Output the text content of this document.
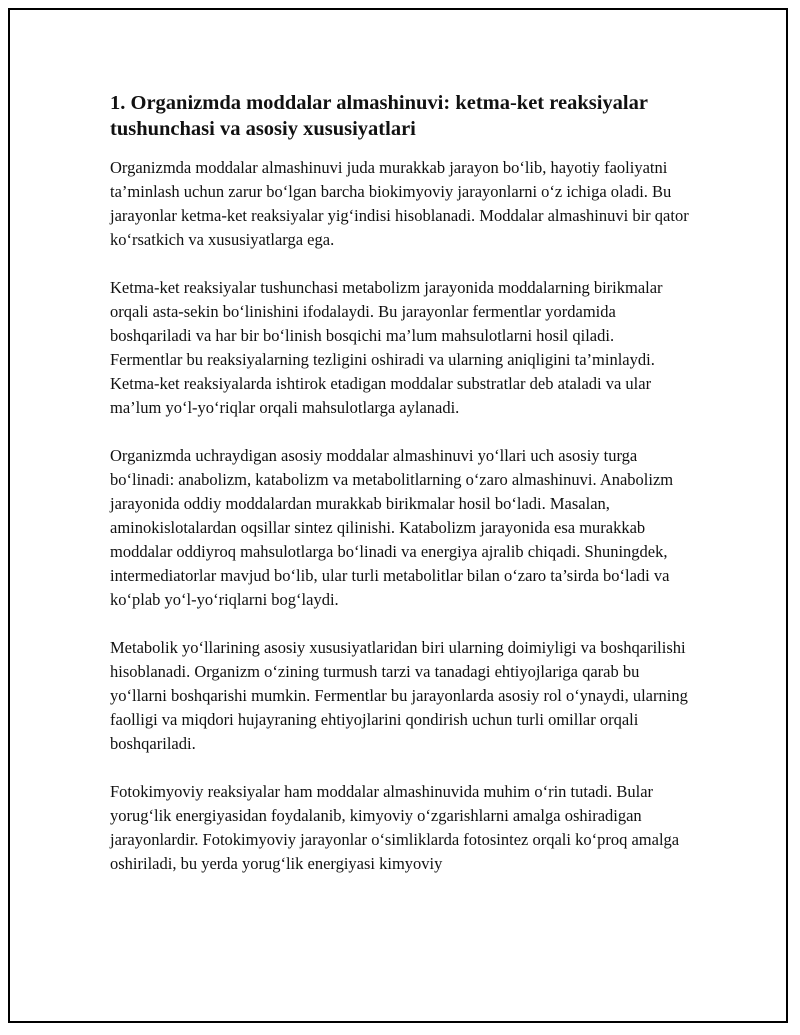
1. Organizmda moddalar almashinuvi: ketma-ket reaksiyalar tushunchasi va asosiy xususiyatlari

Organizmda moddalar almashinuvi juda murakkab jarayon bo‘lib, hayotiy faoliyatni ta’minlash uchun zarur bo‘lgan barcha biokimyoviy jarayonlarni o‘z ichiga oladi. Bu jarayonlar ketma-ket reaksiyalar yig‘indisi hisoblanadi. Moddalar almashinuvi bir qator ko‘rsatkich va xususiyatlarga ega.

Ketma-ket reaksiyalar tushunchasi metabolizm jarayonida moddalarning birikmalar orqali asta-sekin bo‘linishini ifodalaydi. Bu jarayonlar fermentlar yordamida boshqariladi va har bir bo‘linish bosqichi ma’lum mahsulotlarni hosil qiladi. Fermentlar bu reaksiyalarning tezligini oshiradi va ularning aniqligini ta’minlaydi. Ketma-ket reaksiyalarda ishtirok etadigan moddalar substratlar deb ataladi va ular ma’lum yo‘l-yo‘riqlar orqali mahsulotlarga aylanadi.

Organizmda uchraydigan asosiy moddalar almashinuvi yo‘llari uch asosiy turga bo‘linadi: anabolizm, katabolizm va metabolitlarning o‘zaro almashinuvi. Anabolizm jarayonida oddiy moddalardan murakkab birikmalar hosil bo‘ladi. Masalan, aminokislotalardan oqsillar sintez qilinishi. Katabolizm jarayonida esa murakkab moddalar oddiyroq mahsulotlarga bo‘linadi va energiya ajralib chiqadi. Shuningdek, intermediatorlar mavjud bo‘lib, ular turli metabolitlar bilan o‘zaro ta’sirda bo‘ladi va ko‘plab yo‘l-yo‘riqlarni bog‘laydi.

Metabolik yo‘llarining asosiy xususiyatlaridan biri ularning doimiyligi va boshqarilishi hisoblanadi. Organizm o‘zining turmush tarzi va tanadagi ehtiyojlariga qarab bu yo‘llarni boshqarishi mumkin. Fermentlar bu jarayonlarda asosiy rol o‘ynaydi, ularning faolligi va miqdori hujayraning ehtiyojlarini qondirish uchun turli omillar orqali boshqariladi.

Fotokimyoviy reaksiyalar ham moddalar almashinuvida muhim o‘rin tutadi. Bular yorug‘lik energiyasidan foydalanib, kimyoviy o‘zgarishlarni amalga oshiradigan jarayonlardir. Fotokimyoviy jarayonlar o‘simliklarda fotosintez orqali ko‘proq amalga oshiriladi, bu yerda yorug‘lik energiyasi kimyoviy
